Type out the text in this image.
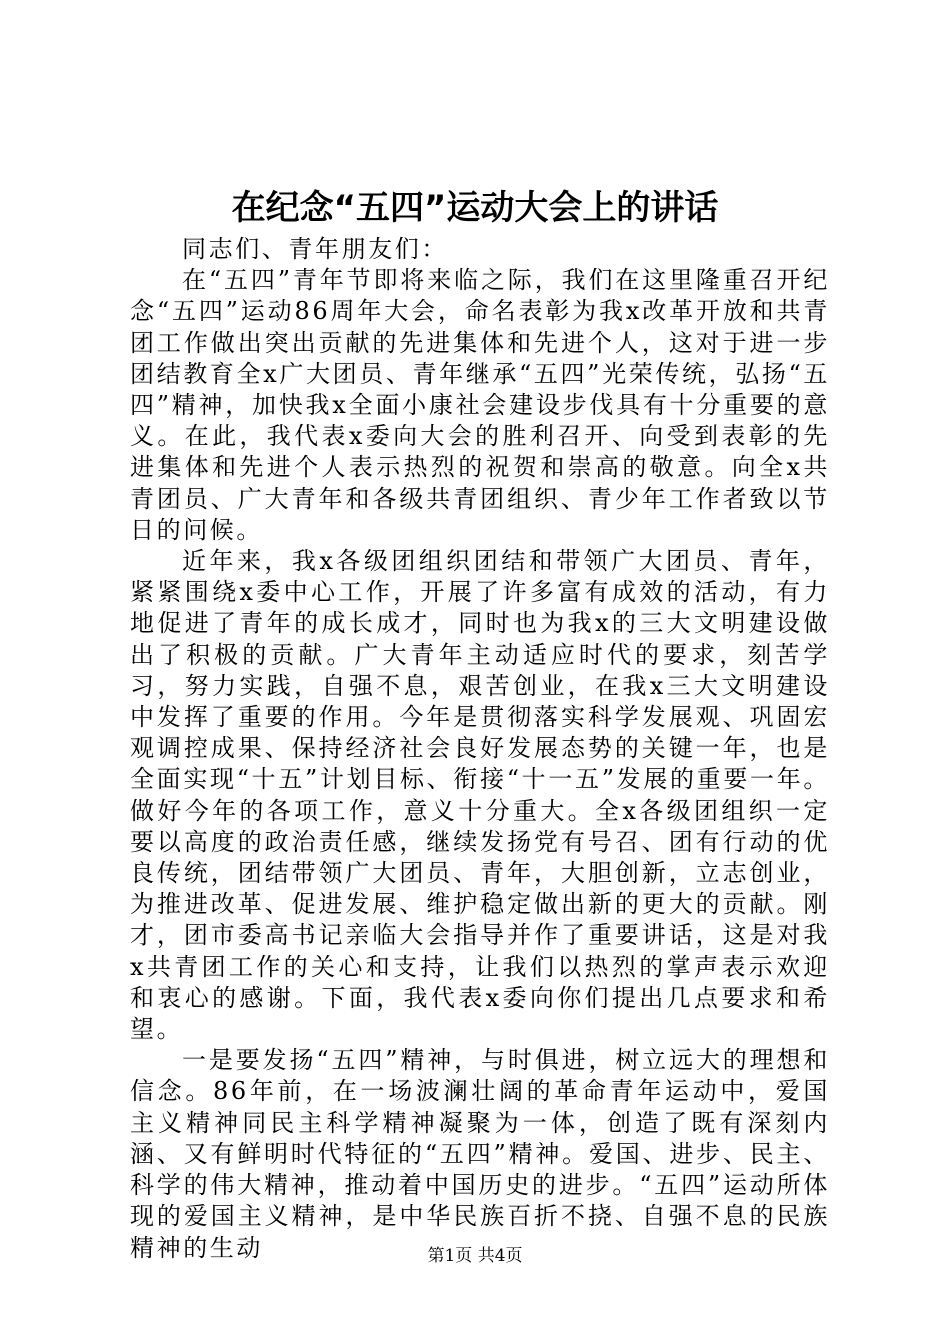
在纪念“五四”运动大会上的讲话

同志们、青年朋友们：

在“五四”青年节即将来临之际，我们在这里隆重召开纪念“五四”运动86周年大会，命名表彰为我x改革开放和共青团工作做出突出贡献的先进集体和先进个人，这对于进一步团结教育全x广大团员、青年继承“五四”光荣传统，弘扬“五四”精神，加快我x全面小康社会建设步伐具有十分重要的意义。在此，我代表x委向大会的胜利召开、向受到表彰的先进集体和先进个人表示热烈的祝贺和崇高的敬意。向全x共青团员、广大青年和各级共青团组织、青少年工作者致以节日的问候。

近年来，我x各级团组织团结和带领广大团员、青年，紧紧围绕x委中心工作，开展了许多富有成效的活动，有力地促进了青年的成长成才，同时也为我x的三大文明建设做出了积极的贡献。广大青年主动适应时代的要求，刻苦学习，努力实践，自强不息，艰苦创业，在我x三大文明建设中发挥了重要的作用。今年是贯彻落实科学发展观、巩固宏观调控成果、保持经济社会良好发展态势的关键一年，也是全面实现“十五”计划目标、衔接“十一五”发展的重要一年。做好今年的各项工作，意义十分重大。全x各级团组织一定要以高度的政治责任感，继续发扬党有号召、团有行动的优良传统，团结带领广大团员、青年，大胆创新，立志创业，为推进改革、促进发展、维护稳定做出新的更大的贡献。刚才，团市委高书记亲临大会指导并作了重要讲话，这是对我x共青团工作的关心和支持，让我们以热烈的掌声表示欢迎和衷心的感谢。下面，我代表x委向你们提出几点要求和希望。

一是要发扬“五四”精神，与时俱进，树立远大的理想和信念。86年前，在一场波澜壮阔的革命青年运动中，爱国主义精神同民主科学精神凝聚为一体，创造了既有深刻内涵、又有鲜明时代特征的“五四”精神。爱国、进步、民主、科学的伟大精神，推动着中国历史的进步。“五四”运动所体现的爱国主义精神，是中华民族百折不挠、自强不息的民族精神的生动	第1页 共4页
